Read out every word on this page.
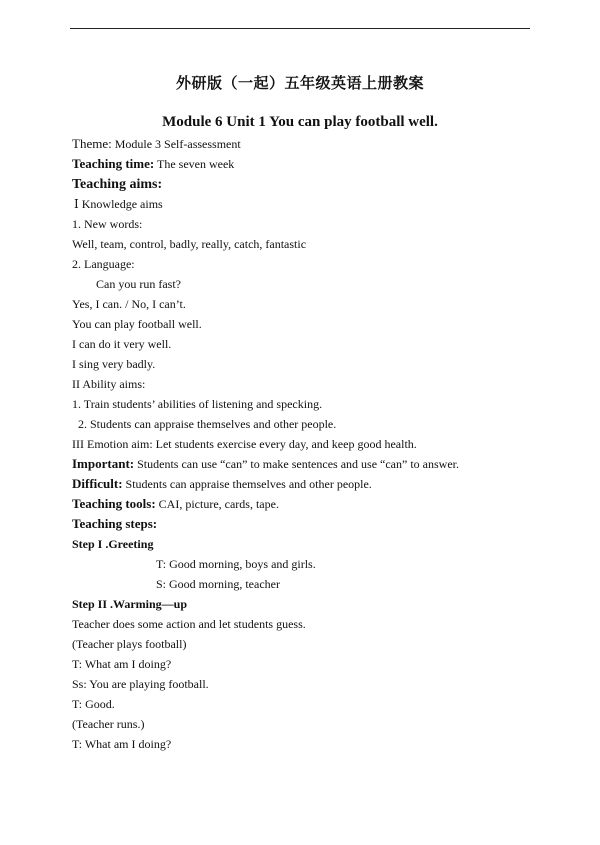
外研版（一起）五年级英语上册教案
Module 6 Unit 1 You can play football well.
Theme: Module 3 Self-assessment
Teaching time: The seven week
Teaching aims:
Ⅰ Knowledge aims
1. New words:
Well, team, control, badly, really, catch, fantastic
2. Language:
Can you run fast?
Yes, I can. / No, I can’t.
You can play football well.
I can do it very well.
I sing very badly.
II Ability aims:
1. Train students’ abilities of listening and specking.
2. Students can appraise themselves and other people.
III Emotion aim: Let students exercise every day, and keep good health.
Important: Students can use “can” to make sentences and use “can” to answer.
Difficult: Students can appraise themselves and other people.
Teaching tools: CAI, picture, cards, tape.
Teaching steps:
Step I .Greeting
T: Good morning, boys and girls.
S: Good morning, teacher
Step II .Warming—up
Teacher does some action and let students guess.
(Teacher plays football)
T: What am I doing?
Ss: You are playing football.
T: Good.
(Teacher runs.)
T: What am I doing?
